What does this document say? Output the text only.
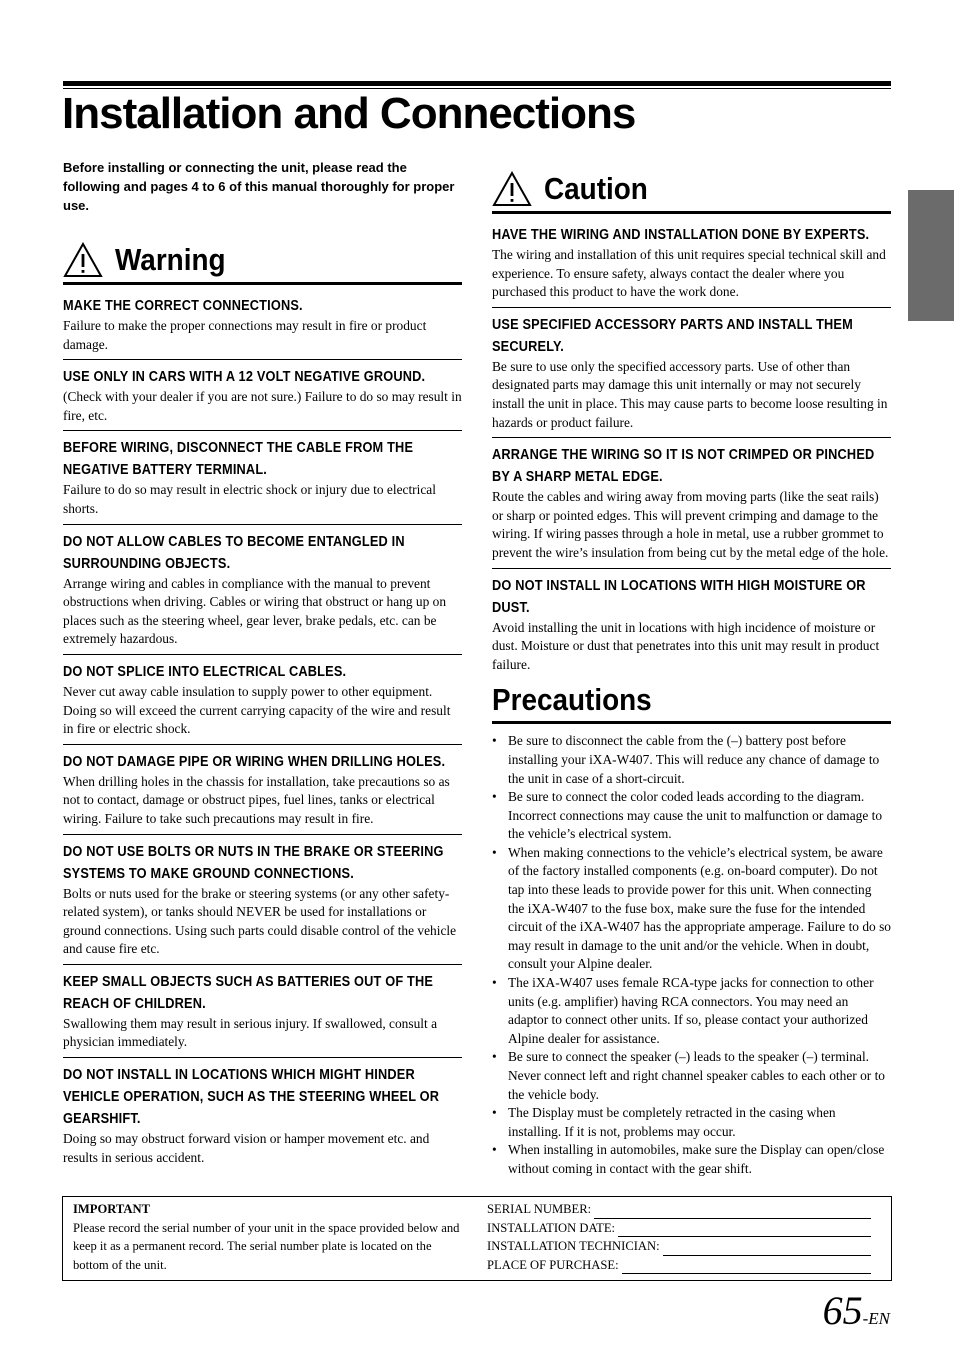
Installation and Connections

Before installing or connecting the unit, please read the following and pages 4 to 6 of this manual thoroughly for proper use.

Warning
MAKE THE CORRECT CONNECTIONS.
Failure to make the proper connections may result in fire or product damage.
USE ONLY IN CARS WITH A 12 VOLT NEGATIVE GROUND.
(Check with your dealer if you are not sure.) Failure to do so may result in fire, etc.
BEFORE WIRING, DISCONNECT THE CABLE FROM THE NEGATIVE BATTERY TERMINAL.
Failure to do so may result in electric shock or injury due to electrical shorts.
DO NOT ALLOW CABLES TO BECOME ENTANGLED IN SURROUNDING OBJECTS.
Arrange wiring and cables in compliance with the manual to prevent obstructions when driving. Cables or wiring that obstruct or hang up on places such as the steering wheel, gear lever, brake pedals, etc. can be extremely hazardous.
DO NOT SPLICE INTO ELECTRICAL CABLES.
Never cut away cable insulation to supply power to other equipment. Doing so will exceed the current carrying capacity of the wire and result in fire or electric shock.
DO NOT DAMAGE PIPE OR WIRING WHEN DRILLING HOLES.
When drilling holes in the chassis for installation, take precautions so as not to contact, damage or obstruct pipes, fuel lines, tanks or electrical wiring. Failure to take such precautions may result in fire.
DO NOT USE BOLTS OR NUTS IN THE BRAKE OR STEERING SYSTEMS TO MAKE GROUND CONNECTIONS.
Bolts or nuts used for the brake or steering systems (or any other safety-related system), or tanks should NEVER be used for installations or ground connections. Using such parts could disable control of the vehicle and cause fire etc.
KEEP SMALL OBJECTS SUCH AS BATTERIES OUT OF THE REACH OF CHILDREN.
Swallowing them may result in serious injury. If swallowed, consult a physician immediately.
DO NOT INSTALL IN LOCATIONS WHICH MIGHT HINDER VEHICLE OPERATION, SUCH AS THE STEERING WHEEL OR GEARSHIFT.
Doing so may obstruct forward vision or hamper movement etc. and results in serious accident.
Caution
HAVE THE WIRING AND INSTALLATION DONE BY EXPERTS.
The wiring and installation of this unit requires special technical skill and experience. To ensure safety, always contact the dealer where you purchased this product to have the work done.
USE SPECIFIED ACCESSORY PARTS AND INSTALL THEM SECURELY.
Be sure to use only the specified accessory parts. Use of other than designated parts may damage this unit internally or may not securely install the unit in place. This may cause parts to become loose resulting in hazards or product failure.
ARRANGE THE WIRING SO IT IS NOT CRIMPED OR PINCHED BY A SHARP METAL EDGE.
Route the cables and wiring away from moving parts (like the seat rails) or sharp or pointed edges. This will prevent crimping and damage to the wiring. If wiring passes through a hole in metal, use a rubber grommet to prevent the wire’s insulation from being cut by the metal edge of the hole.
DO NOT INSTALL IN LOCATIONS WITH HIGH MOISTURE OR DUST.
Avoid installing the unit in locations with high incidence of moisture or dust. Moisture or dust that penetrates into this unit may result in product failure.
Precautions
• Be sure to disconnect the cable from the (–) battery post before installing your iXA-W407. This will reduce any chance of damage to the unit in case of a short-circuit.
• Be sure to connect the color coded leads according to the diagram. Incorrect connections may cause the unit to malfunction or damage to the vehicle’s electrical system.
• When making connections to the vehicle’s electrical system, be aware of the factory installed components (e.g. on-board computer). Do not tap into these leads to provide power for this unit. When connecting the iXA-W407 to the fuse box, make sure the fuse for the intended circuit of the iXA-W407 has the appropriate amperage. Failure to do so may result in damage to the unit and/or the vehicle. When in doubt, consult your Alpine dealer.
• The iXA-W407 uses female RCA-type jacks for connection to other units (e.g. amplifier) having RCA connectors. You may need an adaptor to connect other units. If so, please contact your authorized Alpine dealer for assistance.
• Be sure to connect the speaker (–) leads to the speaker (–) terminal. Never connect left and right channel speaker cables to each other or to the vehicle body.
• The Display must be completely retracted in the casing when installing. If it is not, problems may occur.
• When installing in automobiles, make sure the Display can open/close without coming in contact with the gear shift.
IMPORTANT
Please record the serial number of your unit in the space provided below and keep it as a permanent record. The serial number plate is located on the bottom of the unit.
SERIAL NUMBER:
INSTALLATION DATE:
INSTALLATION TECHNICIAN:
PLACE OF PURCHASE:
65-EN
